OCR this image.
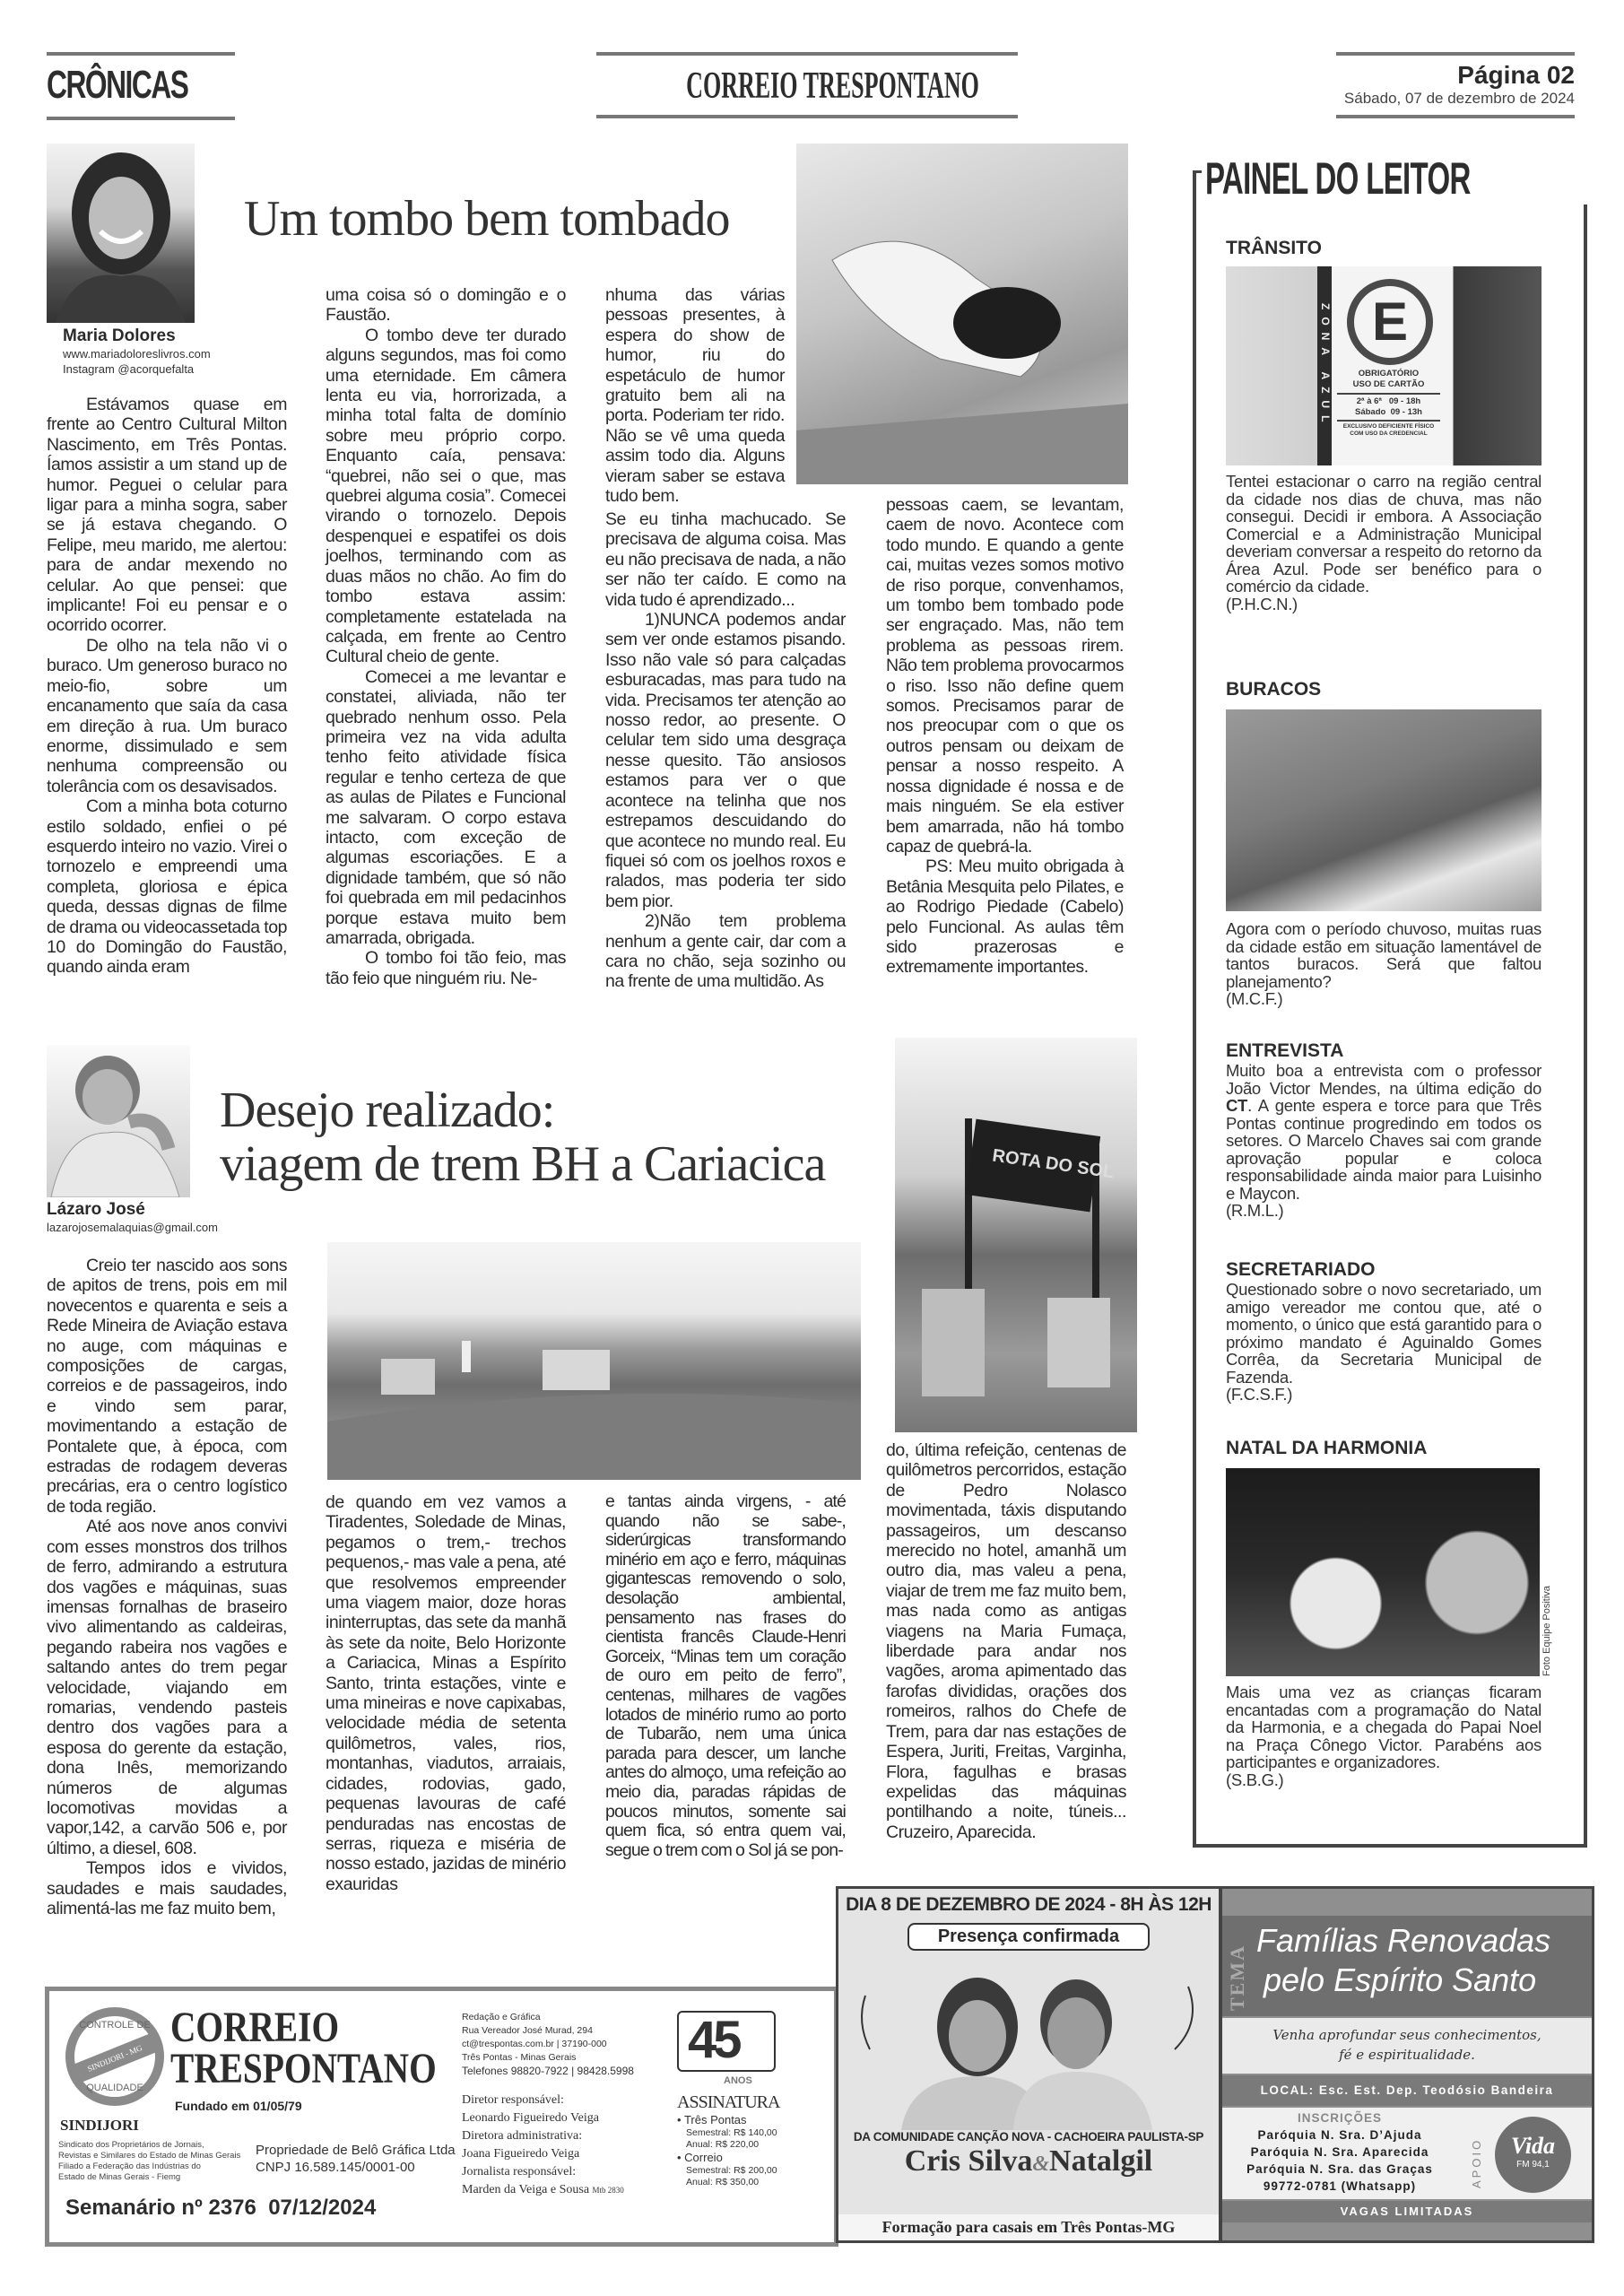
CRÔNICAS	CORREIO TRESPONTANO	Página 02
Sábado, 07 de dezembro de 2024
Maria Dolores
www.mariadoloreslivros.com
Instagram @acorquefalta
Um tombo bem tombado

Estávamos quase em frente ao Centro Cultural Milton Nascimento, em Três Pontas. Íamos assistir a um stand up de humor. Peguei o celular para ligar para a minha sogra, saber se já estava chegando. O Felipe, meu marido, me alertou: para de andar mexendo no celular. Ao que pensei: que implicante! Foi eu pensar e o ocorrido ocorrer.

De olho na tela não vi o buraco. Um generoso buraco no meio-fio, sobre um encanamento que saía da casa em direção à rua. Um buraco enorme, dissimulado e sem nenhuma compreensão ou tolerância com os desavisados.

Com a minha bota coturno estilo soldado, enfiei o pé esquerdo inteiro no vazio. Virei o tornozelo e empreendi uma completa, gloriosa e épica queda, dessas dignas de filme de drama ou videocassetada top 10 do Domingão do Faustão, quando ainda eram

uma coisa só o domingão e o Faustão.

O tombo deve ter durado alguns segundos, mas foi como uma eternidade. Em câmera lenta eu via, horrorizada, a minha total falta de domínio sobre meu próprio corpo. Enquanto caía, pensava: “quebrei, não sei o que, mas quebrei alguma cosia”. Comecei virando o tornozelo. Depois despenquei e espatifei os dois joelhos, terminando com as duas mãos no chão. Ao fim do tombo estava assim: completamente estatelada na calçada, em frente ao Centro Cultural cheio de gente.

Comecei a me levantar e constatei, aliviada, não ter quebrado nenhum osso. Pela primeira vez na vida adulta tenho feito atividade física regular e tenho certeza de que as aulas de Pilates e Funcional me salvaram. O corpo estava intacto, com exceção de algumas escoriações. E a dignidade também, que só não foi quebrada em mil pedacinhos porque estava muito bem amarrada, obrigada.

O tombo foi tão feio, mas tão feio que ninguém riu. Ne-

nhuma das várias pessoas presentes, à espera do show de humor, riu do espetáculo de humor gratuito bem ali na porta. Poderiam ter rido. Não se vê uma queda assim todo dia. Alguns vieram saber se estava tudo bem.

Se eu tinha machucado. Se precisava de alguma coisa. Mas eu não precisava de nada, a não ser não ter caído. E como na vida tudo é aprendizado...

1)NUNCA podemos andar sem ver onde estamos pisando. Isso não vale só para calçadas esburacadas, mas para tudo na vida. Precisamos ter atenção ao nosso redor, ao presente. O celular tem sido uma desgraça nesse quesito. Tão ansiosos estamos para ver o que acontece na telinha que nos estrepamos descuidando do que acontece no mundo real. Eu fiquei só com os joelhos roxos e ralados, mas poderia ter sido bem pior.

2)Não tem problema nenhum a gente cair, dar com a cara no chão, seja sozinho ou na frente de uma multidão. As

pessoas caem, se levantam, caem de novo. Acontece com todo mundo. E quando a gente cai, muitas vezes somos motivo de riso porque, convenhamos, um tombo bem tombado pode ser engraçado. Mas, não tem problema as pessoas rirem. Não tem problema provocarmos o riso. Isso não define quem somos. Precisamos parar de nos preocupar com o que os outros pensam ou deixam de pensar a nosso respeito. A nossa dignidade é nossa e de mais ninguém. Se ela estiver bem amarrada, não há tombo capaz de quebrá-la.

PS: Meu muito obrigada à Betânia Mesquita pelo Pilates, e ao Rodrigo Piedade (Cabelo) pelo Funcional. As aulas têm sido prazerosas e extremamente importantes.

Lázaro José
lazarojosemalaquias@gmail.com
Desejo realizado:
viagem de trem BH a Cariacica	ROTA DO SOL

Creio ter nascido aos sons de apitos de trens, pois em mil novecentos e quarenta e seis a Rede Mineira de Aviação estava no auge, com máquinas e composições de cargas, correios e de passageiros, indo e vindo sem parar, movimentando a estação de Pontalete que, à época, com estradas de rodagem deveras precárias, era o centro logístico de toda região.

Até aos nove anos convivi com esses monstros dos trilhos de ferro, admirando a estrutura dos vagões e máquinas, suas imensas fornalhas de braseiro vivo alimentando as caldeiras, pegando rabeira nos vagões e saltando antes do trem pegar velocidade, viajando em romarias, vendendo pasteis dentro dos vagões para a esposa do gerente da estação, dona Inês, memorizando números de algumas locomotivas movidas a vapor,142, a carvão 506 e, por último, a diesel, 608.

Tempos idos e vividos, saudades e mais saudades, alimentá-las me faz muito bem,

de quando em vez vamos a Tiradentes, Soledade de Minas, pegamos o trem,- trechos pequenos,- mas vale a pena, até que resolvemos empreender uma viagem maior, doze horas ininterruptas, das sete da manhã às sete da noite, Belo Horizonte a Cariacica, Minas a Espírito Santo, trinta estações, vinte e uma mineiras e nove capixabas, velocidade média de setenta quilômetros, vales, rios, montanhas, viadutos, arraiais, cidades, rodovias, gado, pequenas lavouras de café penduradas nas encostas de serras, riqueza e miséria de nosso estado, jazidas de minério exauridas

e tantas ainda virgens, - até quando não se sabe-, siderúrgicas transformando minério em aço e ferro, máquinas gigantescas removendo o solo, desolação ambiental, pensamento nas frases do cientista francês Claude-Henri Gorceix, “Minas tem um coração de ouro em peito de ferro”, centenas, milhares de vagões lotados de minério rumo ao porto de Tubarão, nem uma única parada para descer, um lanche antes do almoço, uma refeição ao meio dia, paradas rápidas de poucos minutos, somente sai quem fica, só entra quem vai, segue o trem com o Sol já se pon-

do, última refeição, centenas de quilômetros percorridos, estação de Pedro Nolasco movimentada, táxis disputando passageiros, um descanso merecido no hotel, amanhã um outro dia, mas valeu a pena, viajar de trem me faz muito bem, mas nada como as antigas viagens na Maria Fumaça, liberdade para andar nos vagões, aroma apimentado das farofas divididas, orações dos romeiros, ralhos do Chefe de Trem, para dar nas estações de Espera, Juriti, Freitas, Varginha, Flora, fagulhas e brasas expelidas das máquinas pontilhando a noite, túneis... Cruzeiro, Aparecida.

PAINEL DO LEITOR
TRÂNSITO
ZONA AZUL E
OBRIGATÓRIO
USO DE CARTÃO
2ª à 6ª   09 - 18h
Sábado  09 - 13h
EXCLUSIVO DEFICIENTE FÍSICO COM USO DA CREDENCIAL
Tentei estacionar o carro na região central da cidade nos dias de chuva, mas não consegui. Decidi ir embora. A Associação Comercial e a Administração Municipal deveriam conversar a respeito do retorno da Área Azul. Pode ser benéfico para o comércio da cidade.
(P.H.C.N.)
BURACOS
Agora com o período chuvoso, muitas ruas da cidade estão em situação lamentável de tantos buracos. Será que faltou planejamento?
(M.C.F.)
ENTREVISTA
Muito boa a entrevista com o professor João Victor Mendes, na última edição do CT. A gente espera e torce para que Três Pontas continue progredindo em todos os setores. O Marcelo Chaves sai com grande aprovação popular e coloca responsabilidade ainda maior para Luisinho e Maycon.
(R.M.L.)
SECRETARIADO
Questionado sobre o novo secretariado, um amigo vereador me contou que, até o momento, o único que está garantido para o próximo mandato é Aguinaldo Gomes Corrêa, da Secretaria Municipal de Fazenda.
(F.C.S.F.)
NATAL DA HARMONIA
Foto Equipe Positiva
Mais uma vez as crianças ficaram encantadas com a programação do Natal da Harmonia, e a chegada do Papai Noel na Praça Cônego Victor. Parabéns aos participantes e organizadores.
(S.B.G.)
CONTROLE DE
SINDIJORI - MG
QUALIDADE
SINDIJORI
Sindicato dos Proprietários de Jornais,
Revistas e Similares do Estado de Minas Gerais
Filiado a Federação das Indústrias do
Estado de Minas Gerais - Fiemg
CORREIO
TRESPONTANO
Fundado em 01/05/79
Propriedade de Belô Gráfica Ltda
CNPJ 16.589.145/0001-00
Semanário nº 2376  07/12/2024
Redação e Gráfica
Rua Vereador José Murad, 294
ct@trespontas.com.br | 37190-000
Três Pontas - Minas Gerais
Telefones 98820-7922 | 98428.5998
45
ANOS
Diretor responsável:
Leonardo Figueiredo Veiga
Diretora administrativa:
Joana Figueiredo Veiga
Jornalista responsável:
Marden da Veiga e Sousa Mtb 2830
ASSINATURA
• Três Pontas
Semestral: R$ 140,00
Anual: R$ 220,00
• Correio
Semestral: R$ 200,00
Anual: R$ 350,00
DIA 8 DE DEZEMBRO DE 2024 - 8H ÀS 12H
Presença confirmada
DA COMUNIDADE CANÇÃO NOVA - CACHOEIRA PAULISTA-SP
Cris Silva&Natalgil
Formação para casais em Três Pontas-MG
TEMA
Famílias Renovadas
pelo Espírito Santo
Venha aprofundar seus conhecimentos,
fé e espiritualidade.
LOCAL: Esc. Est. Dep. Teodósio Bandeira
INSCRIÇÕES
Paróquia N. Sra. D’Ajuda
Paróquia N. Sra. Aparecida
Paróquia N. Sra. das Graças
99772-0781 (Whatsapp)	APOIO	Vida
FM 94,1
VAGAS LIMITADAS
